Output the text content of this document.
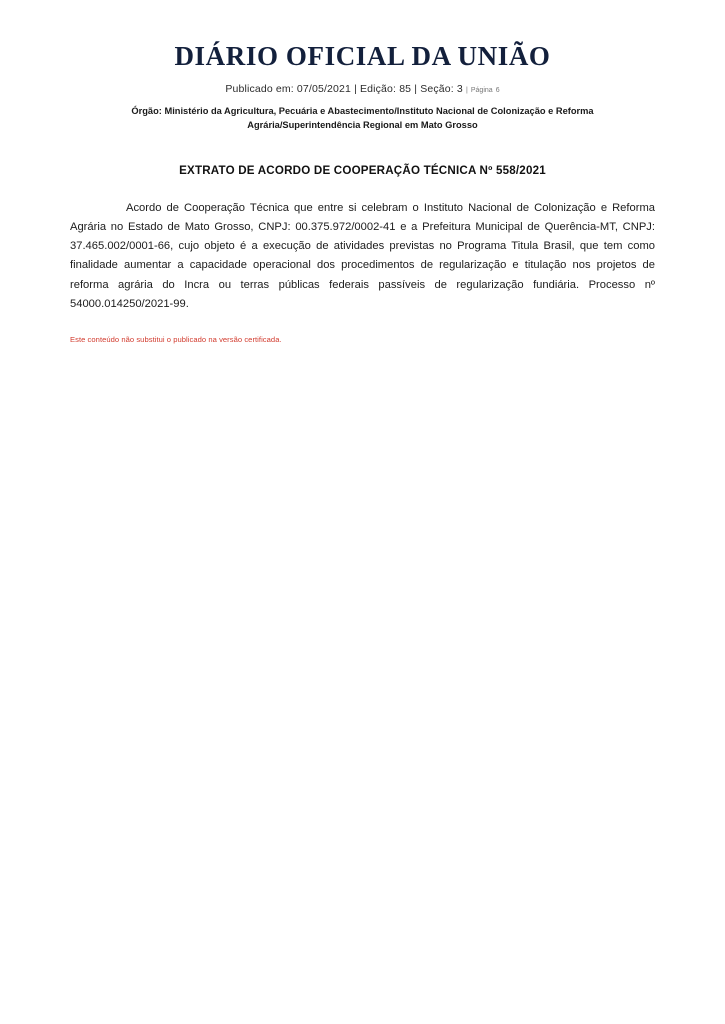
DIÁRIO OFICIAL DA UNIÃO
Publicado em: 07/05/2021 | Edição: 85 | Seção: 3 | Página 6
Órgão: Ministério da Agricultura, Pecuária e Abastecimento/Instituto Nacional de Colonização e Reforma
Agrária/Superintendência Regional em Mato Grosso
EXTRATO DE ACORDO DE COOPERAÇÃO TÉCNICA Nº 558/2021

Acordo de Cooperação Técnica que entre si celebram o Instituto Nacional de Colonização e Reforma Agrária no Estado de Mato Grosso, CNPJ: 00.375.972/0002-41 e a Prefeitura Municipal de Querência-MT, CNPJ: 37.465.002/0001-66, cujo objeto é a execução de atividades previstas no Programa Titula Brasil, que tem como finalidade aumentar a capacidade operacional dos procedimentos de regularização e titulação nos projetos de reforma agrária do Incra ou terras públicas federais passíveis de regularização fundiária. Processo nº 54000.014250/2021-99.

Este conteúdo não substitui o publicado na versão certificada.
